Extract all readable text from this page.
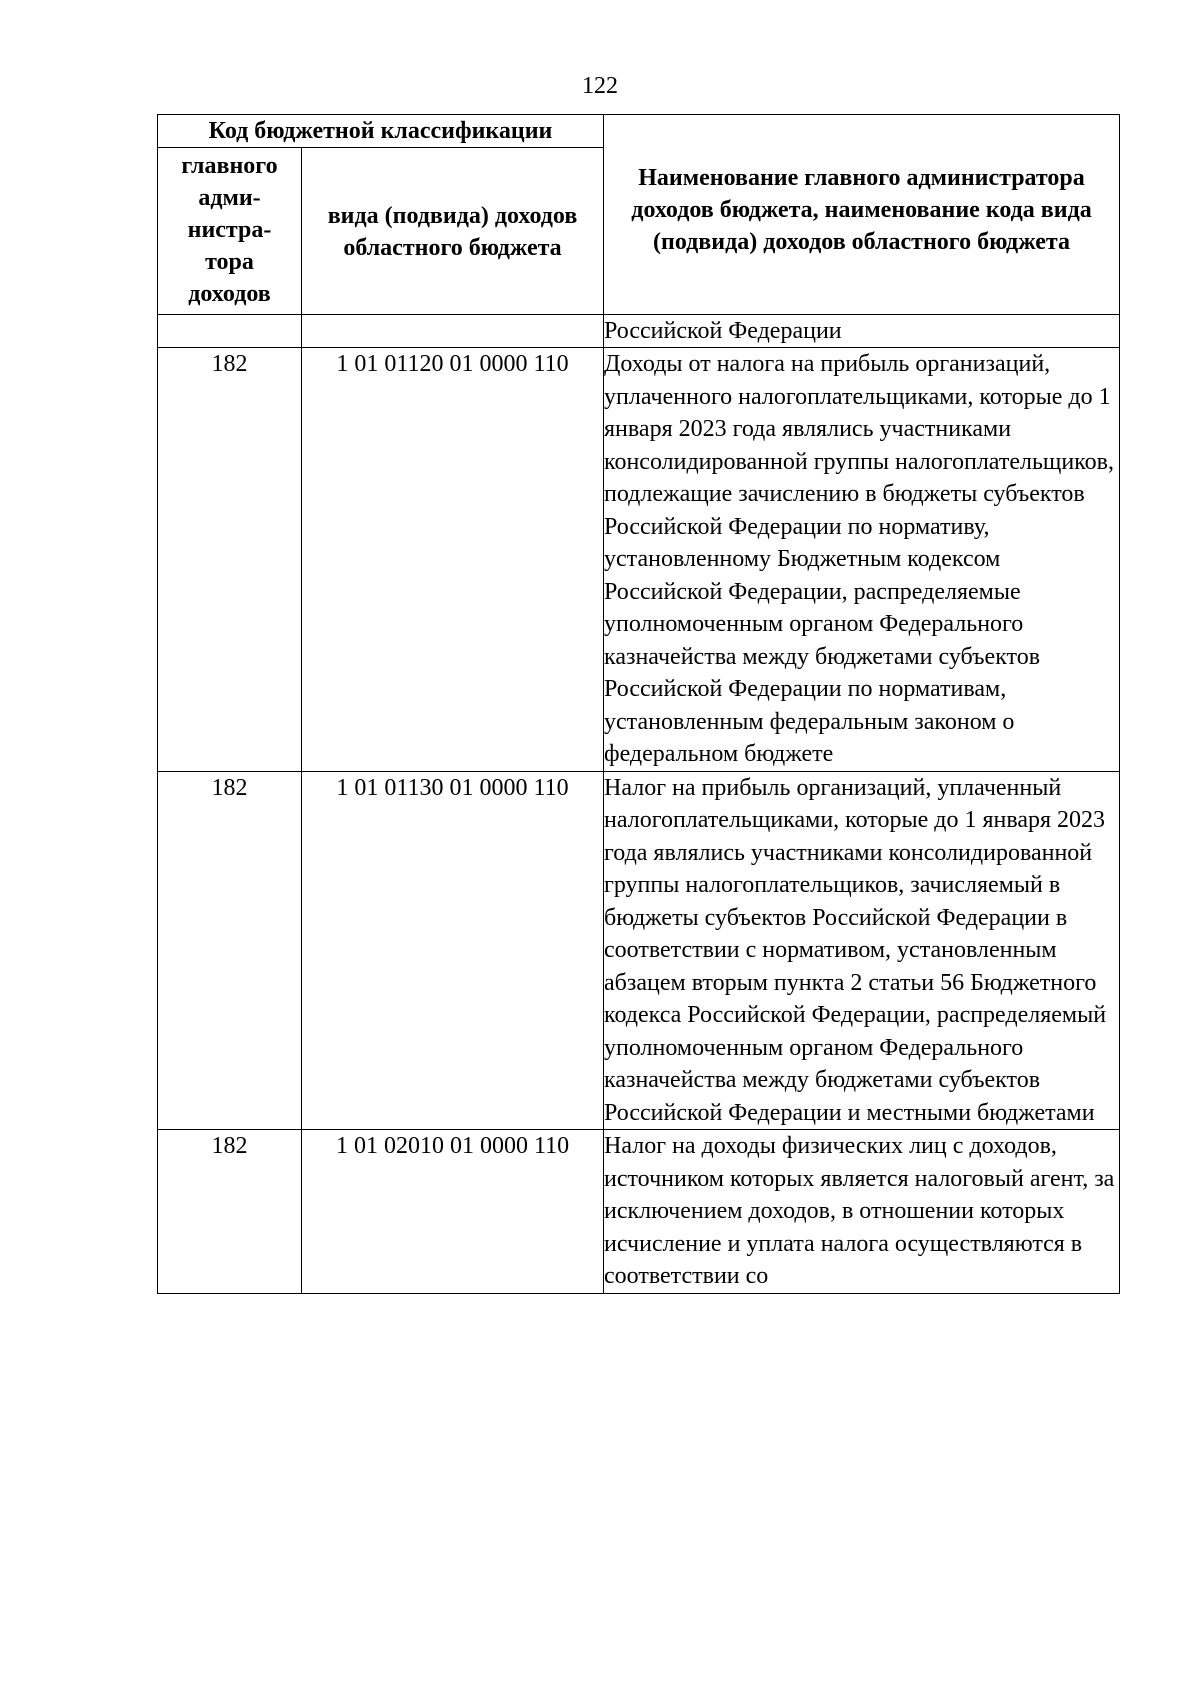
122
Код бюджетной классификации		Наименование главного администратора доходов бюджета, наименование кода вида (подвида) доходов областного бюджета

главного адми-нистра-тора доходов	вида (подвида) доходов областного бюджета	

		Российской Федерации

182	1 01 01120 01 0000 110	Доходы от налога на прибыль организаций, уплаченного налогоплательщиками, которые до 1 января 2023 года являлись участниками консолидированной группы налогоплательщиков, подлежащие зачислению в бюджеты субъектов Российской Федерации по нормативу, установленному Бюджетным кодексом Российской Федерации, распределяемые уполномоченным органом Федерального казначейства между бюджетами субъектов Российской Федерации по нормативам, установленным федеральным законом о федеральном бюджете

182	1 01 01130 01 0000 110	Налог на прибыль организаций, уплаченный налогоплательщиками, которые до 1 января 2023 года являлись участниками консолидированной группы налогоплательщиков, зачисляемый в бюджеты субъектов Российской Федерации в соответствии с нормативом, установленным абзацем вторым пункта 2 статьи 56 Бюджетного кодекса Российской Федерации, распределяемый уполномоченным органом Федерального казначейства между бюджетами субъектов Российской Федерации и местными бюджетами

182	1 01 02010 01 0000 110	Налог на доходы физических лиц с доходов, источником которых является налоговый агент, за исключением доходов, в отношении которых исчисление и уплата налога осуществляются в соответствии со
